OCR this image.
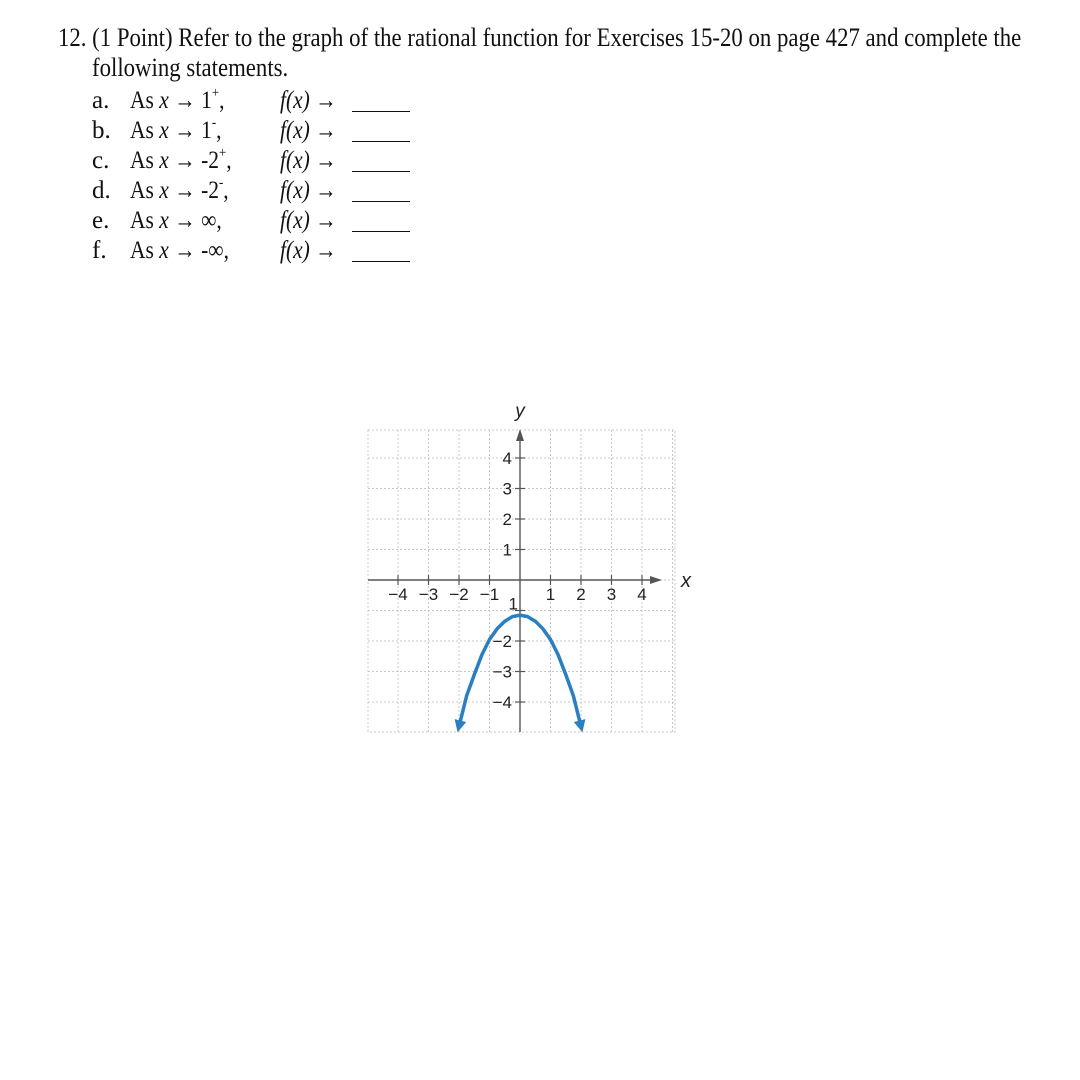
12. (1 Point) Refer to the graph of the rational function for Exercises 15-20 on page 427 and complete the
following statements.
a. As x → 1+,	f(x) →
b. As x → 1-,	f(x) →
c. As x → -2+,	f(x) →
d. As x → -2-,	f(x) →
e. As x → ∞,	f(x) →
f. As x → -∞,	f(x) →
−4 −3 −2 −1	1 2 3 4
4
3
2
1
1
−2
−3
−4
y
x
